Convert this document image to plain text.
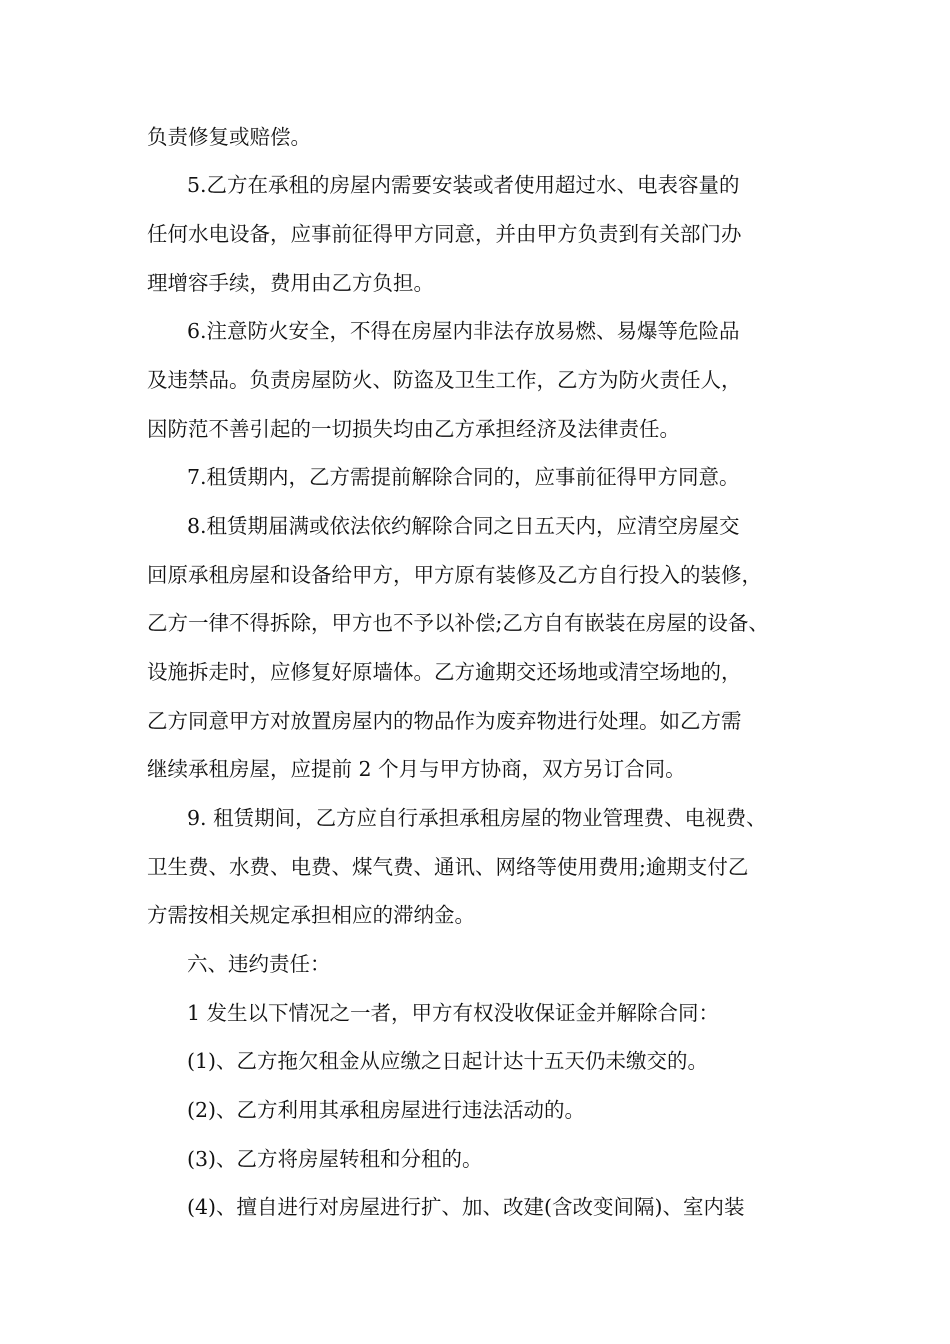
负责修复或赔偿。
5.乙方在承租的房屋内需要安装或者使用超过水、电表容量的
任何水电设备，应事前征得甲方同意，并由甲方负责到有关部门办
理增容手续，费用由乙方负担。
6.注意防火安全，不得在房屋内非法存放易燃、易爆等危险品
及违禁品。负责房屋防火、防盗及卫生工作，乙方为防火责任人，
因防范不善引起的一切损失均由乙方承担经济及法律责任。
7.租赁期内，乙方需提前解除合同的，应事前征得甲方同意。
8.租赁期届满或依法依约解除合同之日五天内，应清空房屋交
回原承租房屋和设备给甲方，甲方原有装修及乙方自行投入的装修，
乙方一律不得拆除，甲方也不予以补偿;乙方自有嵌装在房屋的设备、
设施拆走时，应修复好原墙体。乙方逾期交还场地或清空场地的，
乙方同意甲方对放置房屋内的物品作为废弃物进行处理。如乙方需
继续承租房屋，应提前 2 个月与甲方协商，双方另订合同。
9. 租赁期间，乙方应自行承担承租房屋的物业管理费、电视费、
卫生费、水费、电费、煤气费、通讯、网络等使用费用;逾期支付乙
方需按相关规定承担相应的滞纳金。
六、违约责任：
1 发生以下情况之一者，甲方有权没收保证金并解除合同：
(1)、乙方拖欠租金从应缴之日起计达十五天仍未缴交的。
(2)、乙方利用其承租房屋进行违法活动的。
(3)、乙方将房屋转租和分租的。
(4)、擅自进行对房屋进行扩、加、改建(含改变间隔)、室内装
